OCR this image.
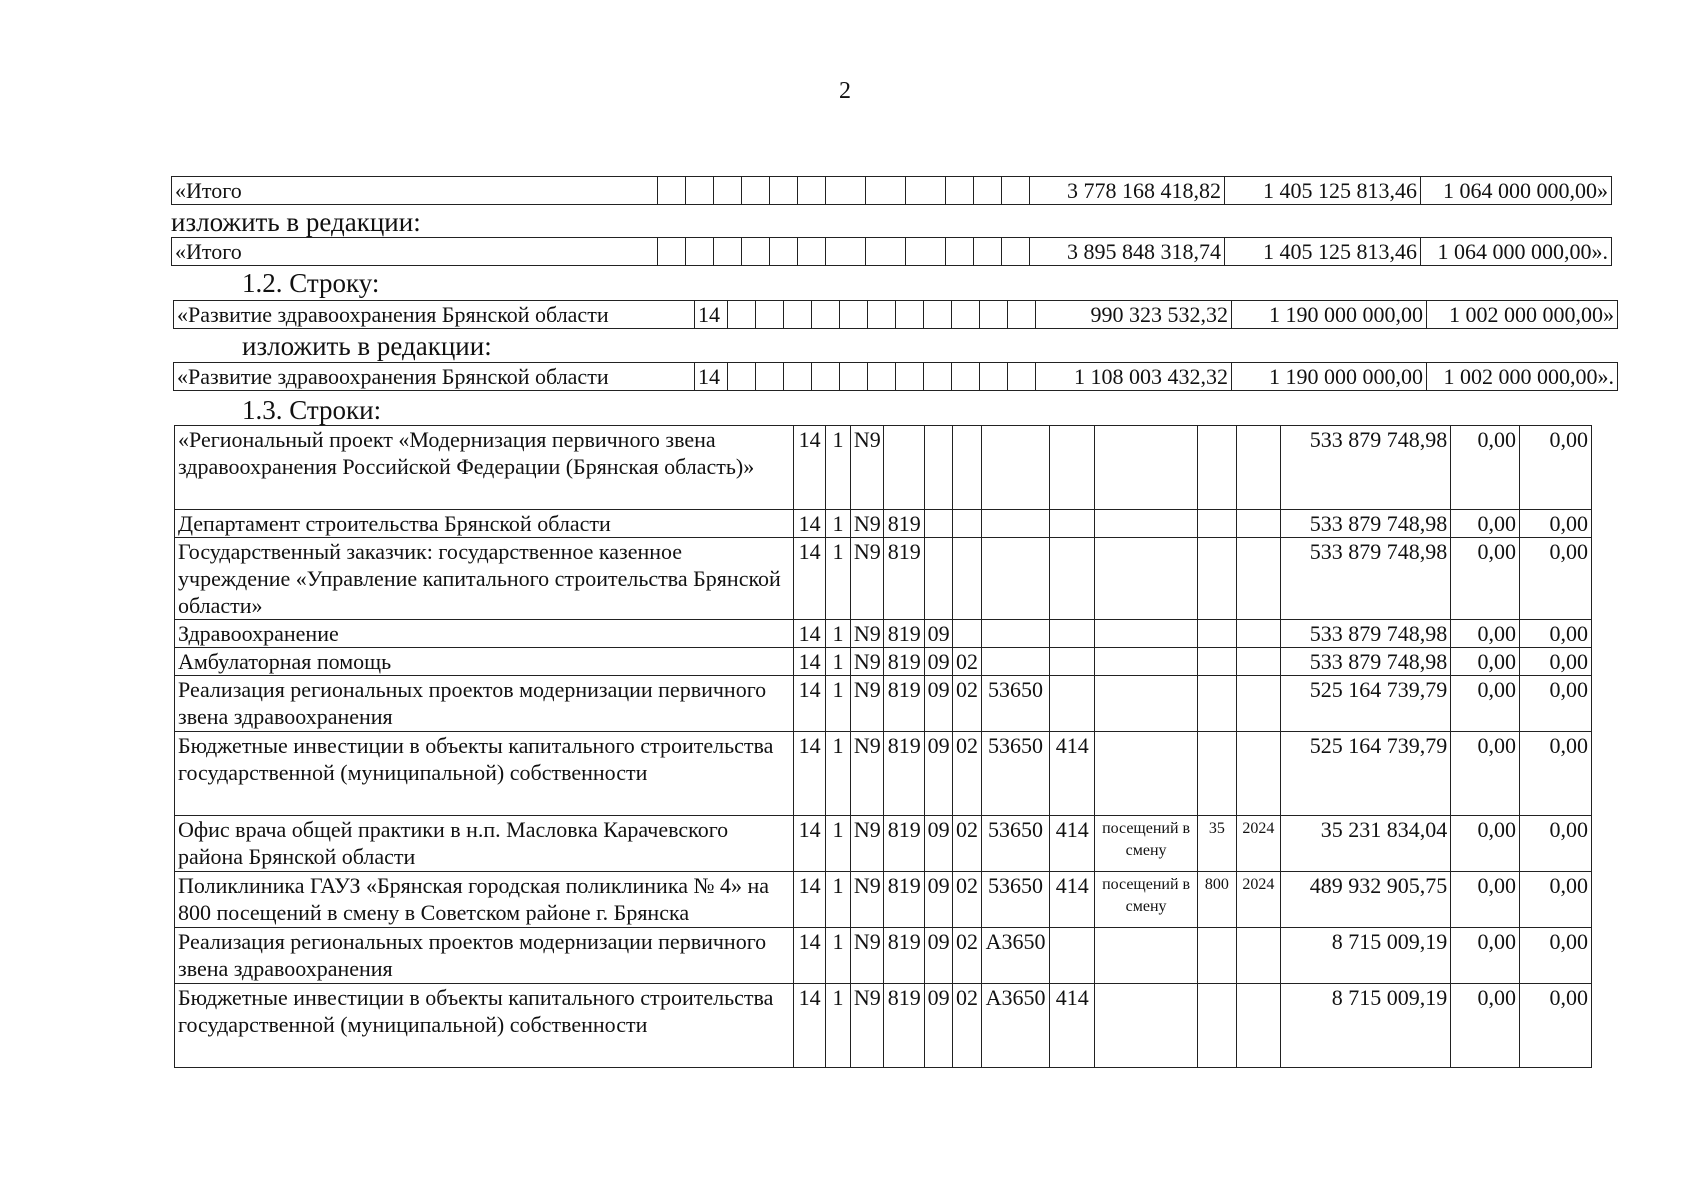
2
«Итого													3 778 168 418,82	1 405 125 813,46	1 064 000 000,00»
изложить в редакции:
«Итого													3 895 848 318,74	1 405 125 813,46	1 064 000 000,00».
1.2. Строку:
«Развитие здравоохранения Брянской области	14												990 323 532,32	1 190 000 000,00	1 002 000 000,00»
изложить в редакции:
«Развитие здравоохранения Брянской области	14												1 108 003 432,32	1 190 000 000,00	1 002 000 000,00».
1.3. Строки:
«Региональный проект «Модернизация первичного звена здравоохранения Российской Федерации (Брянская область)»	14	1	N9									533 879 748,98	0,00	0,00
Департамент строительства Брянской области	14	1	N9	819								533 879 748,98	0,00	0,00
Государственный заказчик: государственное казенное учреждение «Управление капитального строительства Брянской области»	14	1	N9	819								533 879 748,98	0,00	0,00
Здравоохранение	14	1	N9	819	09							533 879 748,98	0,00	0,00
Амбулаторная помощь	14	1	N9	819	09	02						533 879 748,98	0,00	0,00
Реализация региональных проектов модернизации первичного звена здравоохранения	14	1	N9	819	09	02	53650					525 164 739,79	0,00	0,00
Бюджетные инвестиции в объекты капитального строительства государственной (муниципальной) собственности	14	1	N9	819	09	02	53650	414				525 164 739,79	0,00	0,00
Офис врача общей практики в н.п. Масловка Карачевского района Брянской области	14	1	N9	819	09	02	53650	414	посещений в смену	35	2024	35 231 834,04	0,00	0,00
Поликлиника ГАУЗ «Брянская городская поликлиника № 4» на 800 посещений в смену в Советском районе г. Брянска	14	1	N9	819	09	02	53650	414	посещений в смену	800	2024	489 932 905,75	0,00	0,00
Реализация региональных проектов модернизации первичного звена здравоохранения	14	1	N9	819	09	02	А3650					8 715 009,19	0,00	0,00
Бюджетные инвестиции в объекты капитального строительства государственной (муниципальной) собственности	14	1	N9	819	09	02	А3650	414				8 715 009,19	0,00	0,00
